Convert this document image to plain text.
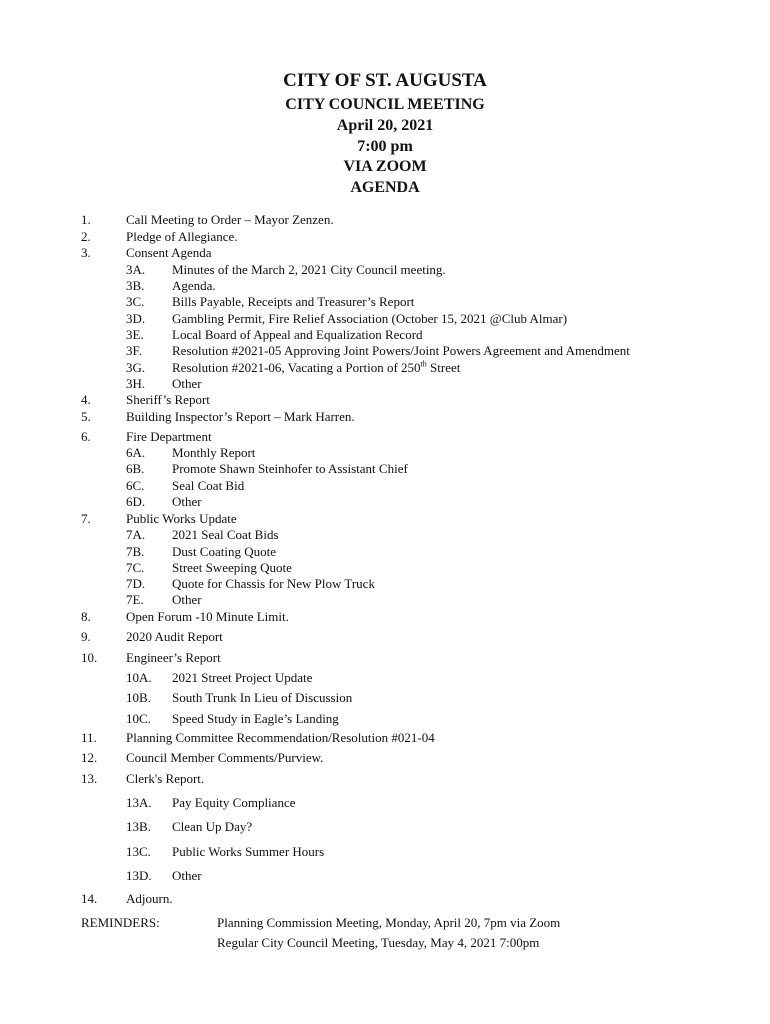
CITY OF ST. AUGUSTA
CITY COUNCIL MEETING
April 20, 2021
7:00 pm
VIA ZOOM
AGENDA
1.	Call Meeting to Order – Mayor Zenzen.
2.	Pledge of Allegiance.
3.	Consent Agenda
3A. Minutes of the March 2, 2021 City Council meeting.
3B. Agenda.
3C. Bills Payable, Receipts and Treasurer’s Report
3D. Gambling Permit, Fire Relief Association (October 15, 2021 @Club Almar)
3E. Local Board of Appeal and Equalization Record
3F. Resolution #2021-05 Approving Joint Powers/Joint Powers Agreement and Amendment
3G. Resolution #2021-06, Vacating a Portion of 250th Street
3H. Other
4.	Sheriff’s Report
5.	Building Inspector’s Report – Mark Harren.
6.	Fire Department
6A. Monthly Report
6B. Promote Shawn Steinhofer to Assistant Chief
6C. Seal Coat Bid
6D. Other
7.	Public Works Update
7A. 2021 Seal Coat Bids
7B. Dust Coating Quote
7C. Street Sweeping Quote
7D. Quote for Chassis for New Plow Truck
7E. Other
8.	Open Forum -10 Minute Limit.
9.	2020 Audit Report
10. Engineer’s Report
10A. 2021 Street Project Update
10B. South Trunk In Lieu of Discussion
10C. Speed Study in Eagle’s Landing
11. Planning Committee Recommendation/Resolution #021-04
12. Council Member Comments/Purview.
13. Clerk's Report.
13A. Pay Equity Compliance
13B. Clean Up Day?
13C. Public Works Summer Hours
13D. Other
14. Adjourn.
REMINDERS:	Planning Commission Meeting, Monday, April 20, 7pm via Zoom
Regular City Council Meeting, Tuesday, May 4, 2021 7:00pm
